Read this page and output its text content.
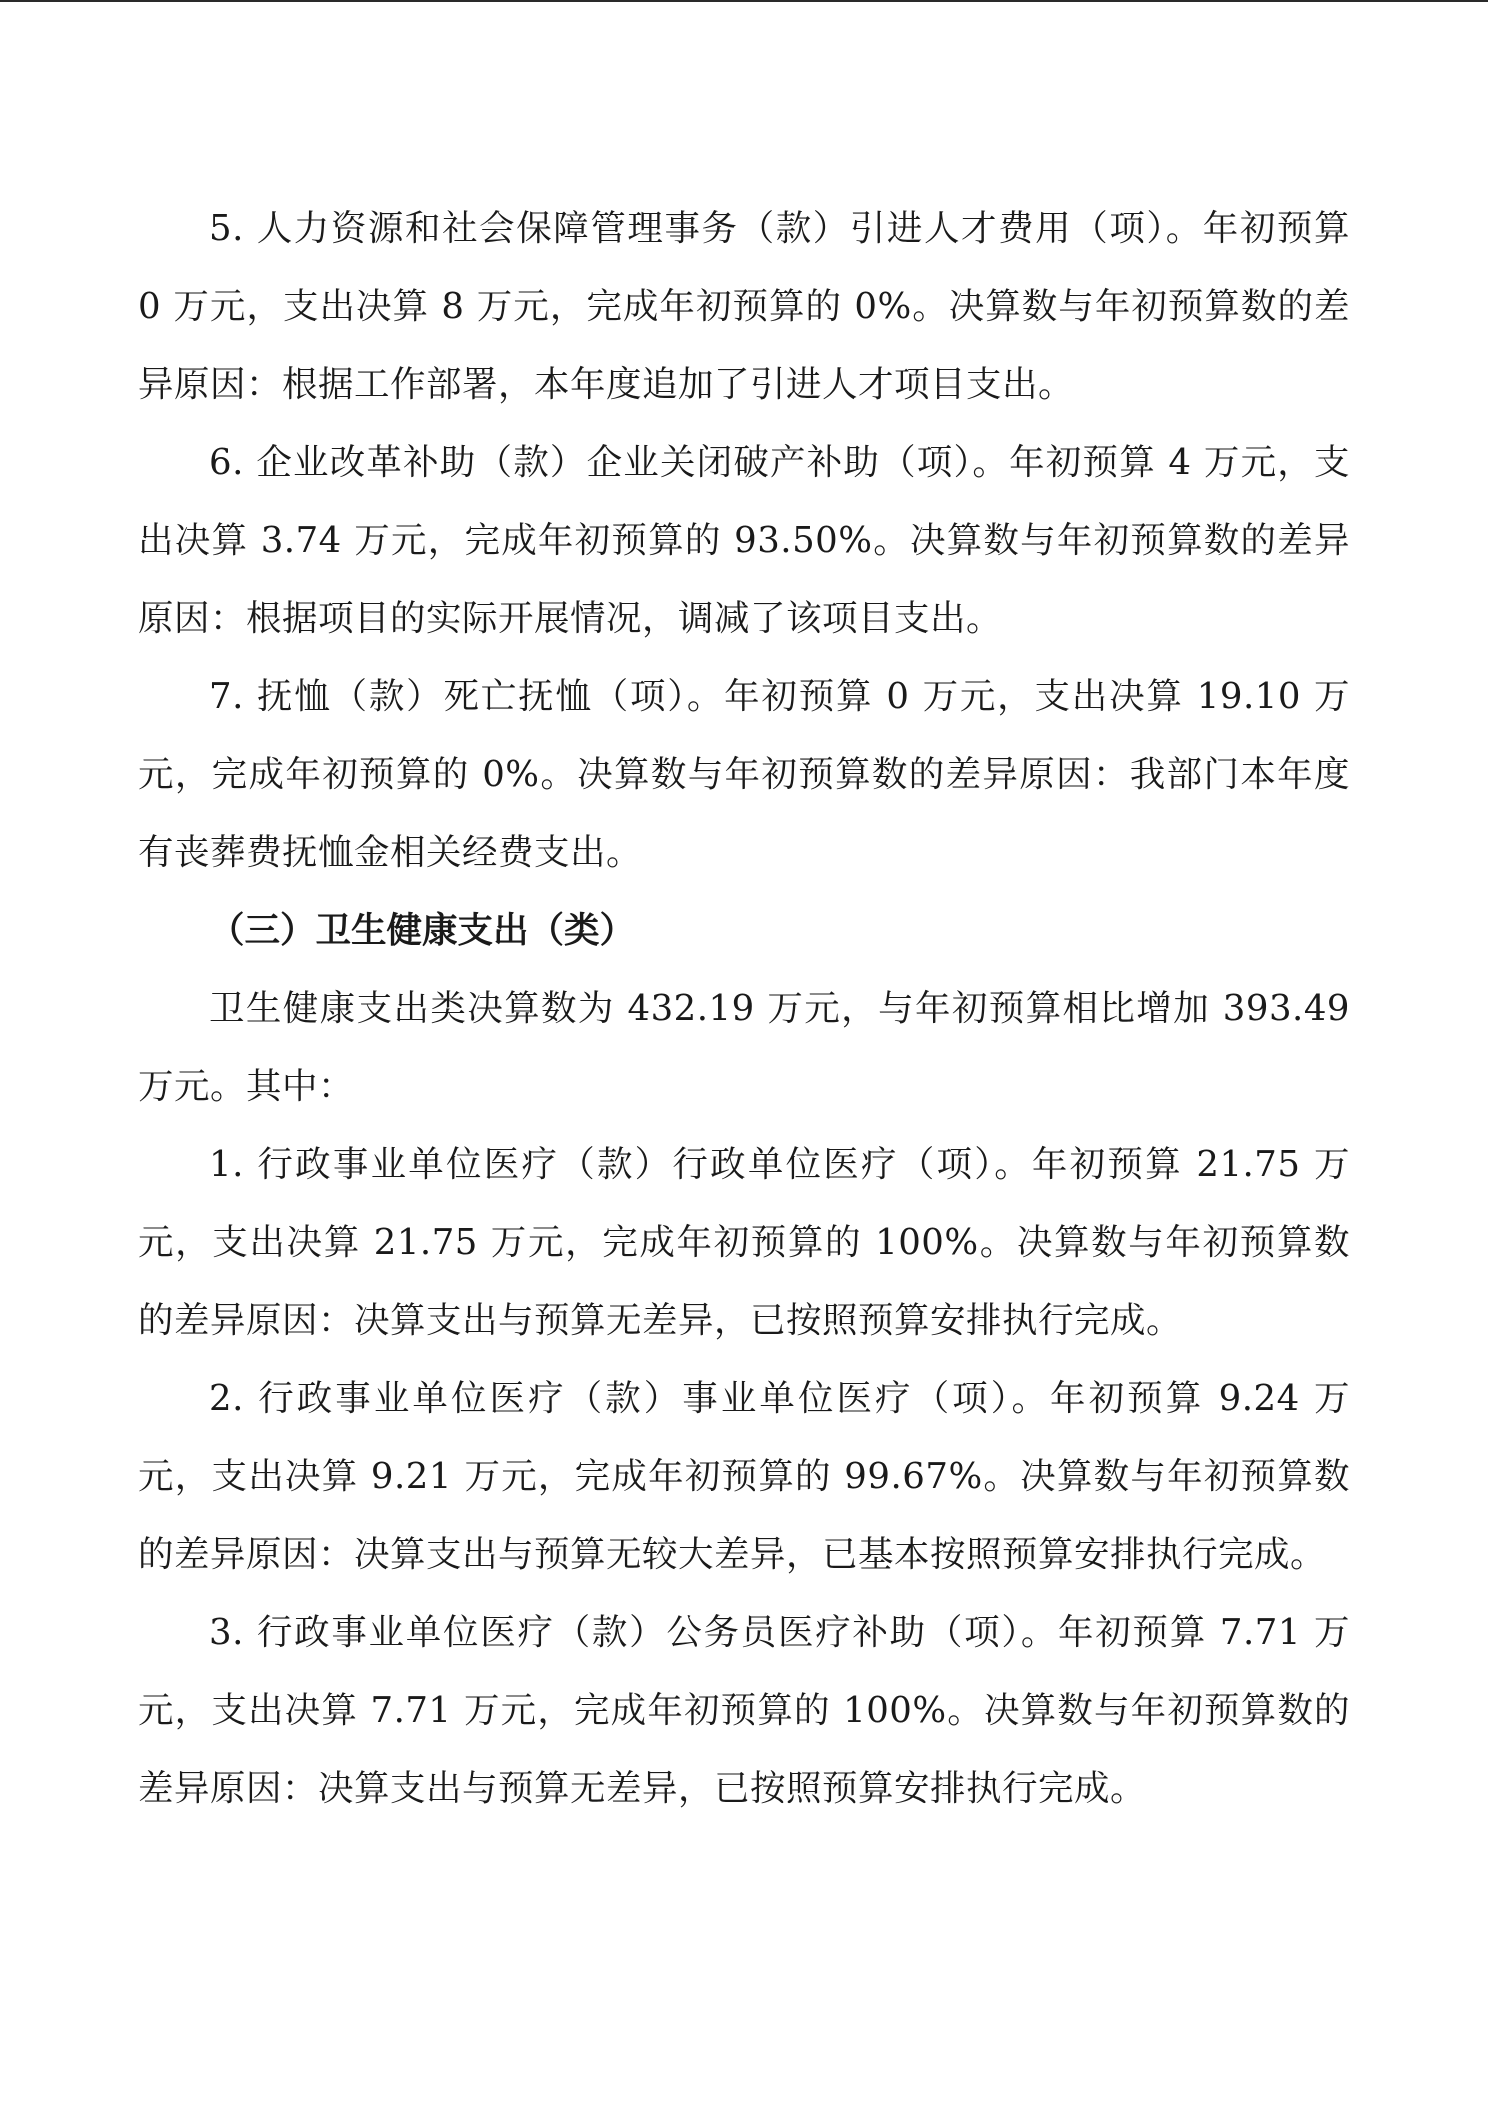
5. 人力资源和社会保障管理事务（款）引进人才费用（项）。年初预算 0 万元，支出决算 8 万元，完成年初预算的 0%。决算数与年初预算数的差异原因：根据工作部署，本年度追加了引进人才项目支出。

6. 企业改革补助（款）企业关闭破产补助（项）。年初预算 4 万元，支出决算 3.74 万元，完成年初预算的 93.50%。决算数与年初预算数的差异原因：根据项目的实际开展情况，调减了该项目支出。

7. 抚恤（款）死亡抚恤（项）。年初预算 0 万元，支出决算 19.10 万元，完成年初预算的 0%。决算数与年初预算数的差异原因：我部门本年度有丧葬费抚恤金相关经费支出。

（三）卫生健康支出（类）

卫生健康支出类决算数为 432.19 万元，与年初预算相比增加 393.49 万元。其中：

1. 行政事业单位医疗（款）行政单位医疗（项）。年初预算 21.75 万元，支出决算 21.75 万元，完成年初预算的 100%。决算数与年初预算数的差异原因：决算支出与预算无差异，已按照预算安排执行完成。

2. 行政事业单位医疗（款）事业单位医疗（项）。年初预算 9.24 万元，支出决算 9.21 万元，完成年初预算的 99.67%。决算数与年初预算数的差异原因：决算支出与预算无较大差异，已基本按照预算安排执行完成。

3. 行政事业单位医疗（款）公务员医疗补助（项）。年初预算 7.71 万元，支出决算 7.71 万元，完成年初预算的 100%。决算数与年初预算数的差异原因：决算支出与预算无差异，已按照预算安排执行完成。
